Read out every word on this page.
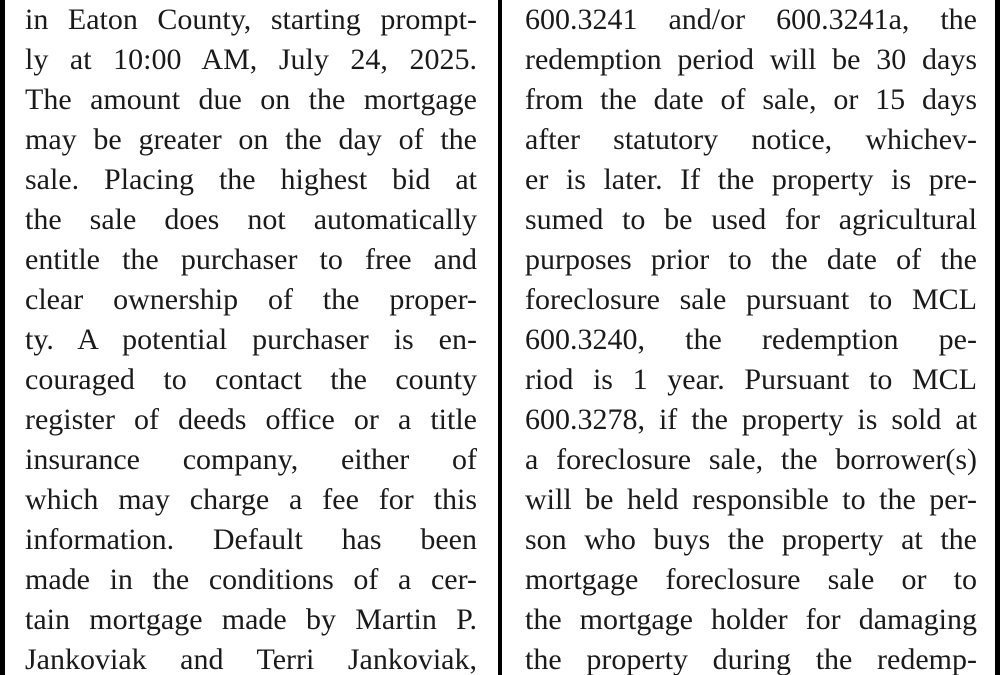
in Eaton County, starting prompt-
ly at 10:00 AM, July 24, 2025.
The amount due on the mortgage
may be greater on the day of the
sale. Placing the highest bid at
the sale does not automatically
entitle the purchaser to free and
clear ownership of the proper-
ty. A potential purchaser is en-
couraged to contact the county
register of deeds office or a title
insurance company, either of
which may charge a fee for this
information. Default has been
made in the conditions of a cer-
tain mortgage made by Martin P.
Jankoviak and Terri Jankoviak,
600.3241 and/or 600.3241a, the
redemption period will be 30 days
from the date of sale, or 15 days
after statutory notice, whichev-
er is later. If the property is pre-
sumed to be used for agricultural
purposes prior to the date of the
foreclosure sale pursuant to MCL
600.3240, the redemption pe-
riod is 1 year. Pursuant to MCL
600.3278, if the property is sold at
a foreclosure sale, the borrower(s)
will be held responsible to the per-
son who buys the property at the
mortgage foreclosure sale or to
the mortgage holder for damaging
the property during the redemp-
